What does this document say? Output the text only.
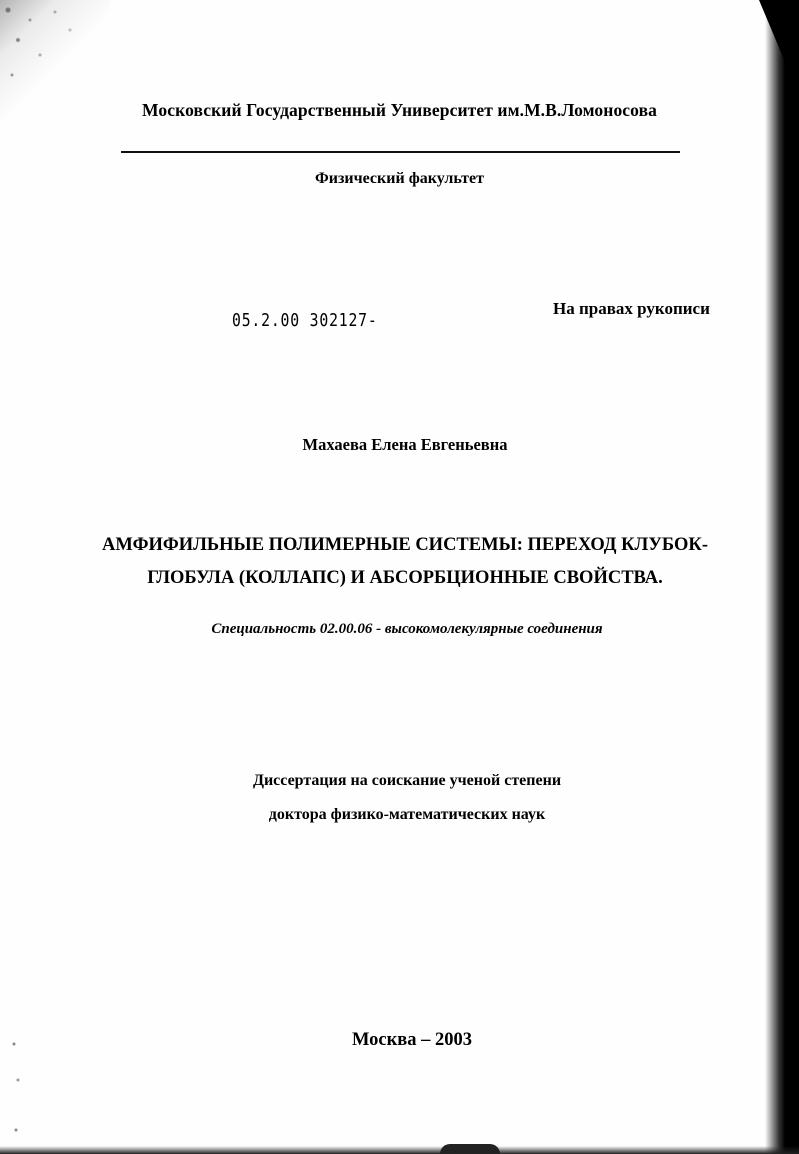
Московский Государственный Университет им.М.В.Ломоносова
Физический факультет
05.2.00 302127-
На правах рукописи
Махаева Елена Евгеньевна
АМФИФИЛЬНЫЕ ПОЛИМЕРНЫЕ СИСТЕМЫ: ПЕРЕХОД КЛУБОК-
ГЛОБУЛА (КОЛЛАПС) И АБСОРБЦИОННЫЕ СВОЙСТВА.
Специальность 02.00.06 - высокомолекулярные соединения
Диссертация на соискание ученой степени
доктора физико-математических наук
Москва – 2003
